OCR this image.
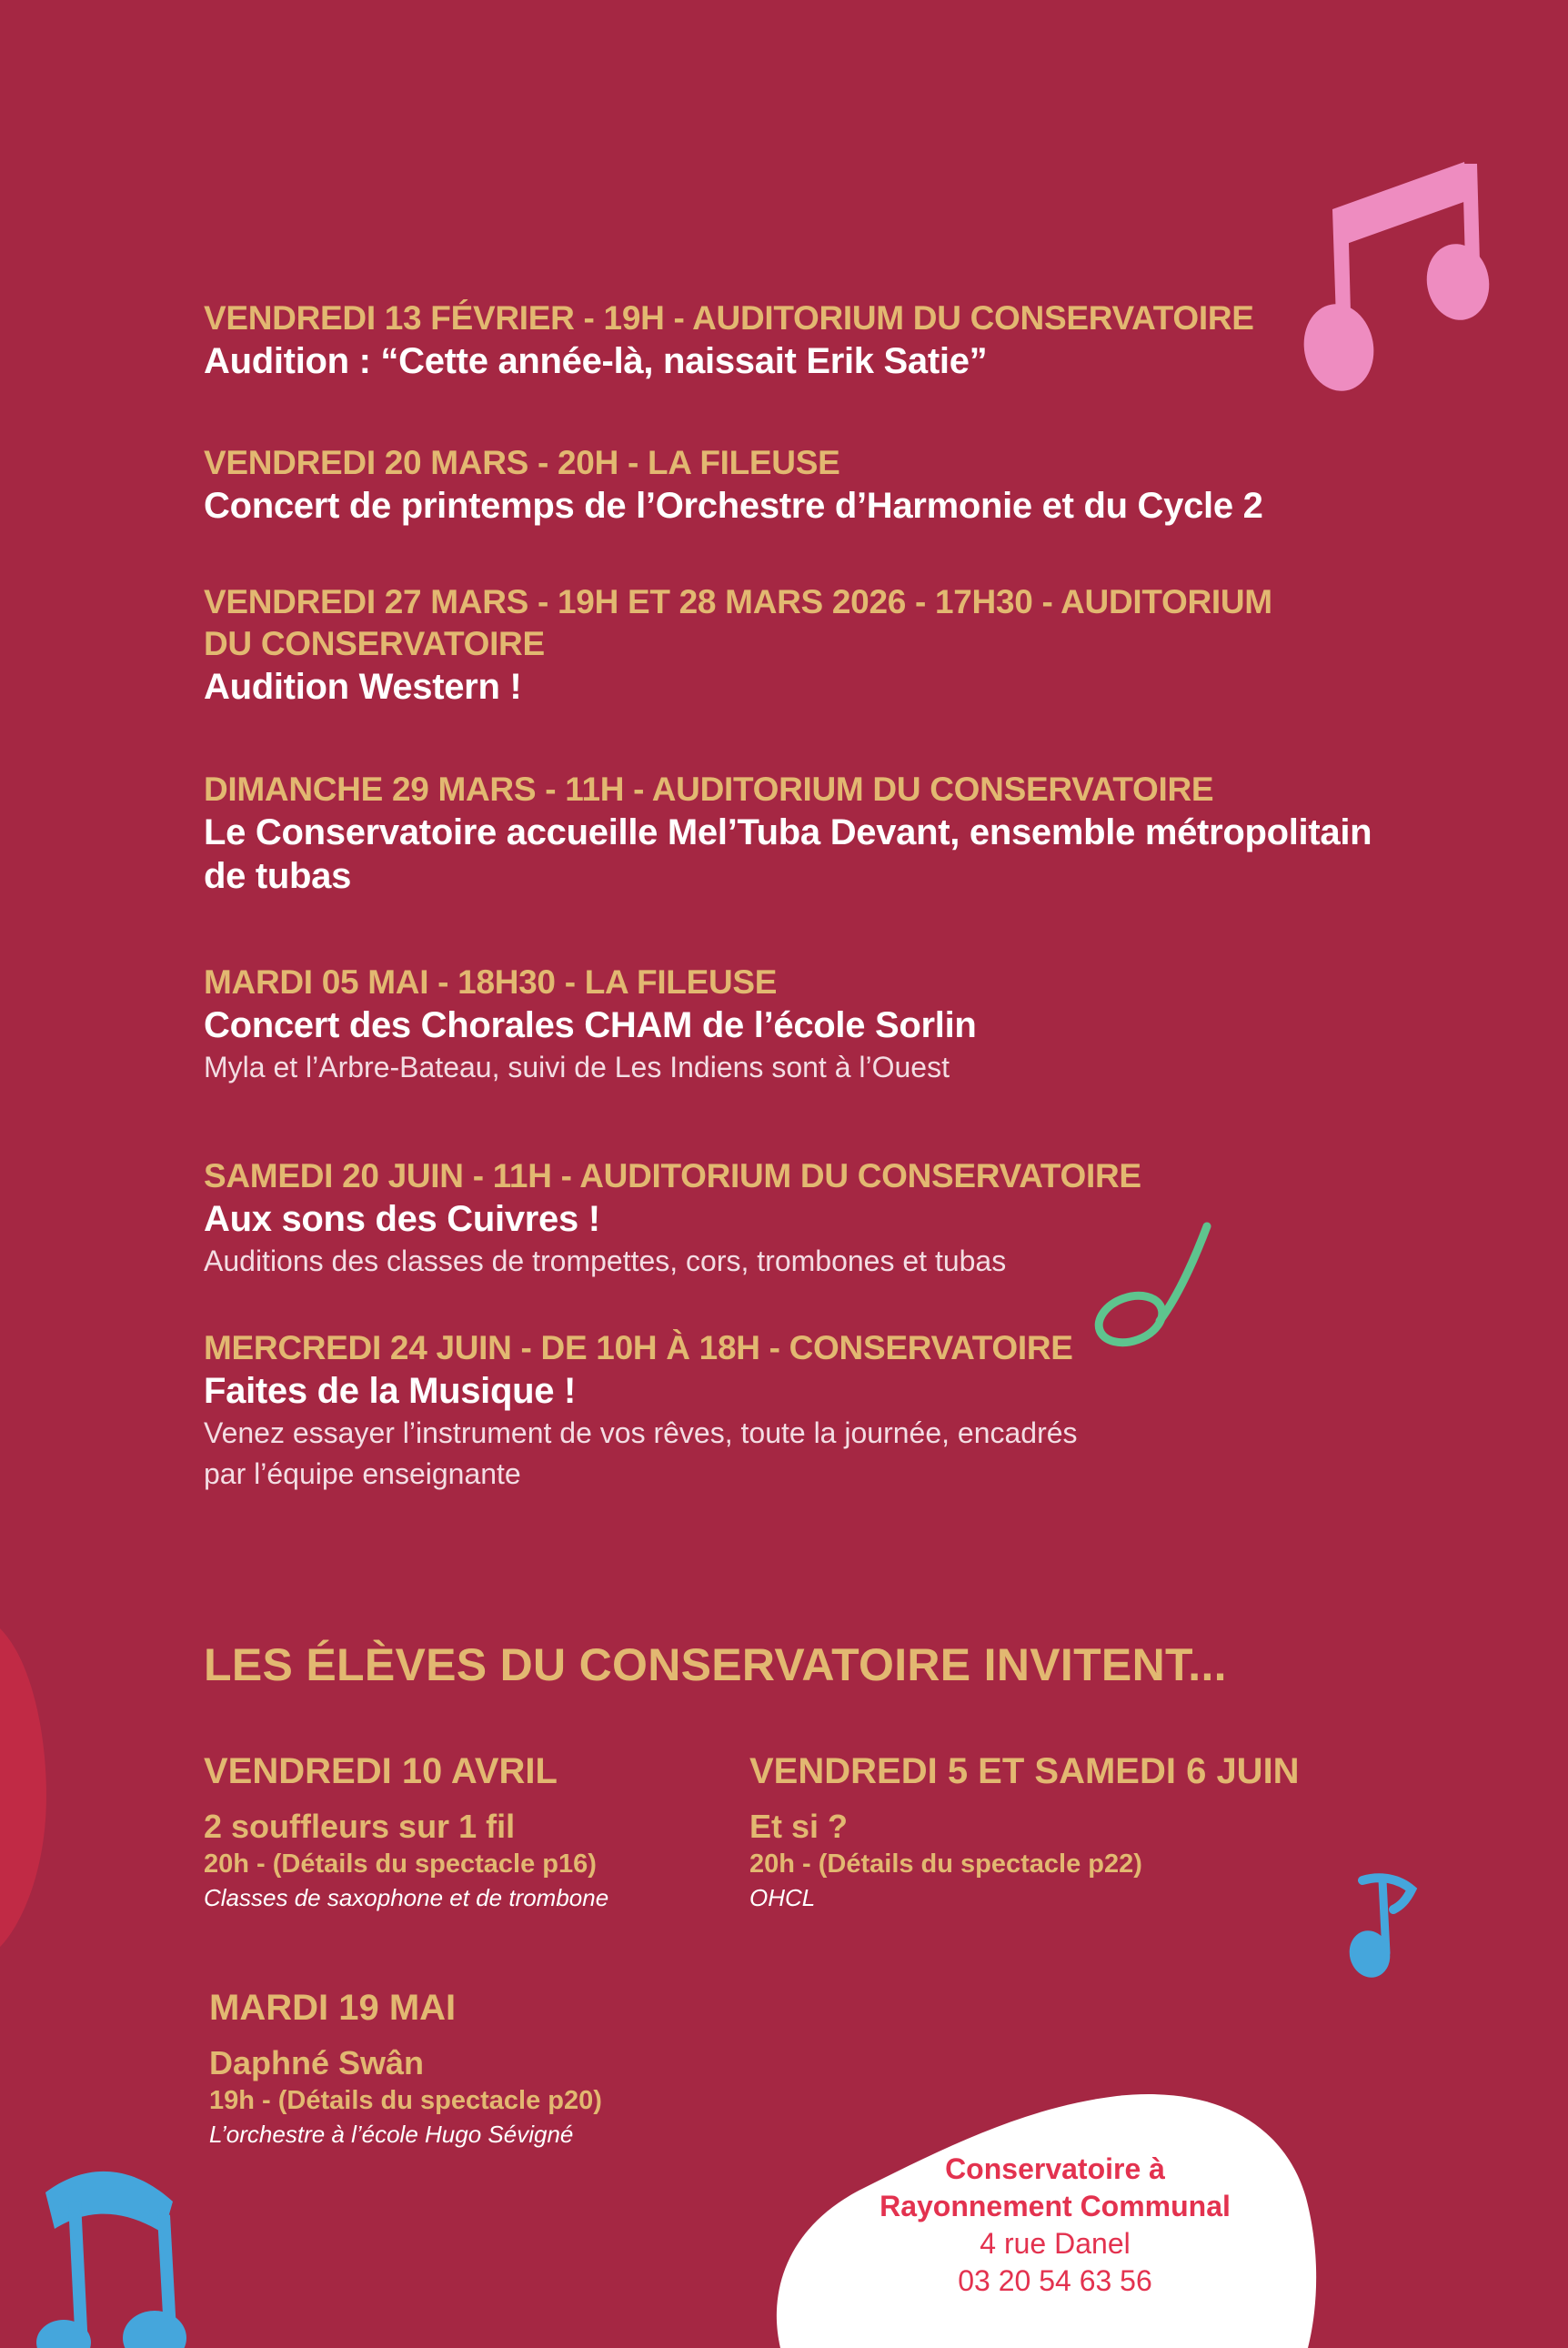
VENDREDI 13 FÉVRIER - 19H - AUDITORIUM DU CONSERVATOIRE
Audition : “Cette année-là, naissait Erik Satie”
VENDREDI 20 MARS - 20H - LA FILEUSE
Concert de printemps de l’Orchestre d’Harmonie et du Cycle 2
VENDREDI 27 MARS - 19H ET 28 MARS 2026 - 17H30 - AUDITORIUM
DU CONSERVATOIRE
Audition Western !
DIMANCHE 29 MARS - 11H - AUDITORIUM DU CONSERVATOIRE
Le Conservatoire accueille Mel’Tuba Devant, ensemble métropolitain
de tubas
MARDI 05 MAI - 18H30 - LA FILEUSE
Concert des Chorales CHAM de l’école Sorlin
Myla et l’Arbre-Bateau, suivi de Les Indiens sont à l’Ouest
SAMEDI 20 JUIN - 11H - AUDITORIUM DU CONSERVATOIRE
Aux sons des Cuivres !
Auditions des classes de trompettes, cors, trombones et tubas
MERCREDI 24 JUIN - DE 10H À 18H - CONSERVATOIRE
Faites de la Musique !
Venez essayer l’instrument de vos rêves, toute la journée, encadrés
par l’équipe enseignante
LES ÉLÈVES DU CONSERVATOIRE INVITENT...
VENDREDI 10 AVRIL
2 souffleurs sur 1 fil
20h - (Détails du spectacle p16)
Classes de saxophone et de trombone
VENDREDI 5 ET SAMEDI 6 JUIN
Et si ?
20h - (Détails du spectacle p22)
OHCL
MARDI 19 MAI
Daphné Swân
19h - (Détails du spectacle p20)
L’orchestre à l’école Hugo Sévigné
Conservatoire à
Rayonnement Communal
4 rue Danel
03 20 54 63 56
